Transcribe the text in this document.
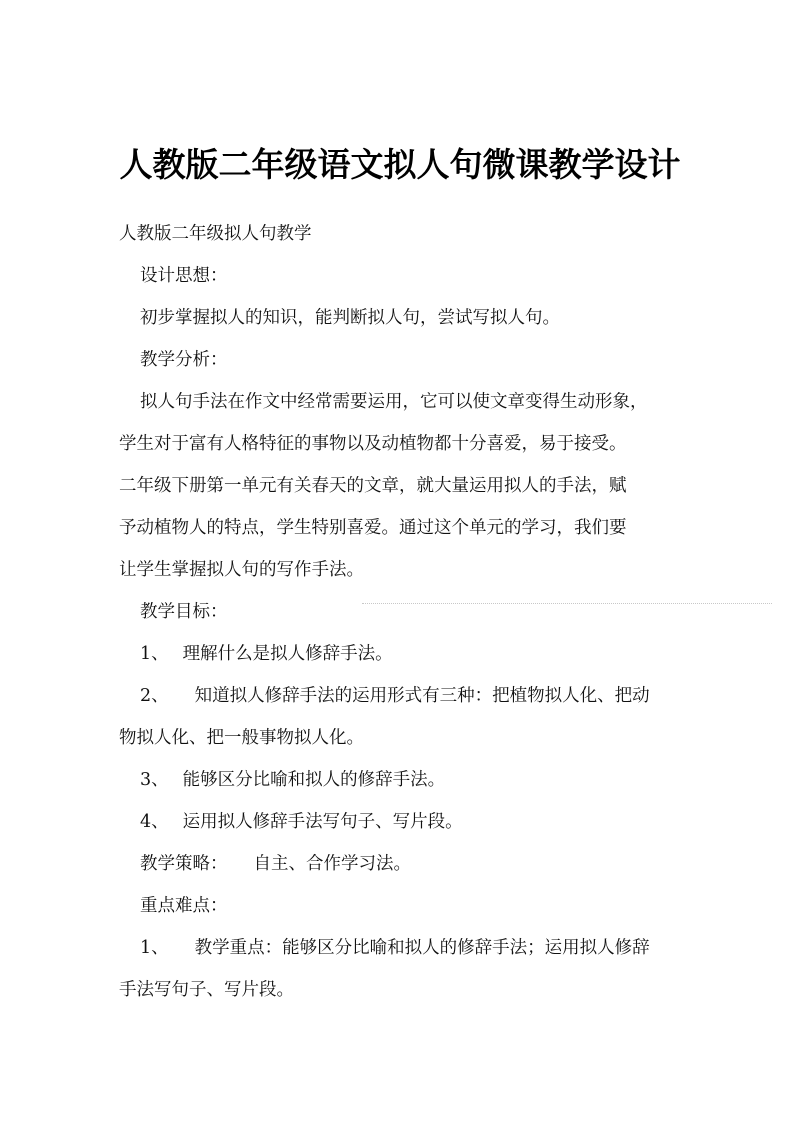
人教版二年级语文拟人句微课教学设计
人教版二年级拟人句教学
设计思想：
初步掌握拟人的知识，能判断拟人句，尝试写拟人句。
教学分析：
拟人句手法在作文中经常需要运用，它可以使文章变得生动形象，
学生对于富有人格特征的事物以及动植物都十分喜爱，易于接受。
二年级下册第一单元有关春天的文章，就大量运用拟人的手法，赋
予动植物人的特点，学生特别喜爱。通过这个单元的学习，我们要
让学生掌握拟人句的写作手法。
教学目标：
1、 理解什么是拟人修辞手法。
2、 知道拟人修辞手法的运用形式有三种：把植物拟人化、把动
物拟人化、把一般事物拟人化。
3、 能够区分比喻和拟人的修辞手法。
4、 运用拟人修辞手法写句子、写片段。
教学策略： 自主、合作学习法。
重点难点：
1、 教学重点：能够区分比喻和拟人的修辞手法；运用拟人修辞
手法写句子、写片段。
